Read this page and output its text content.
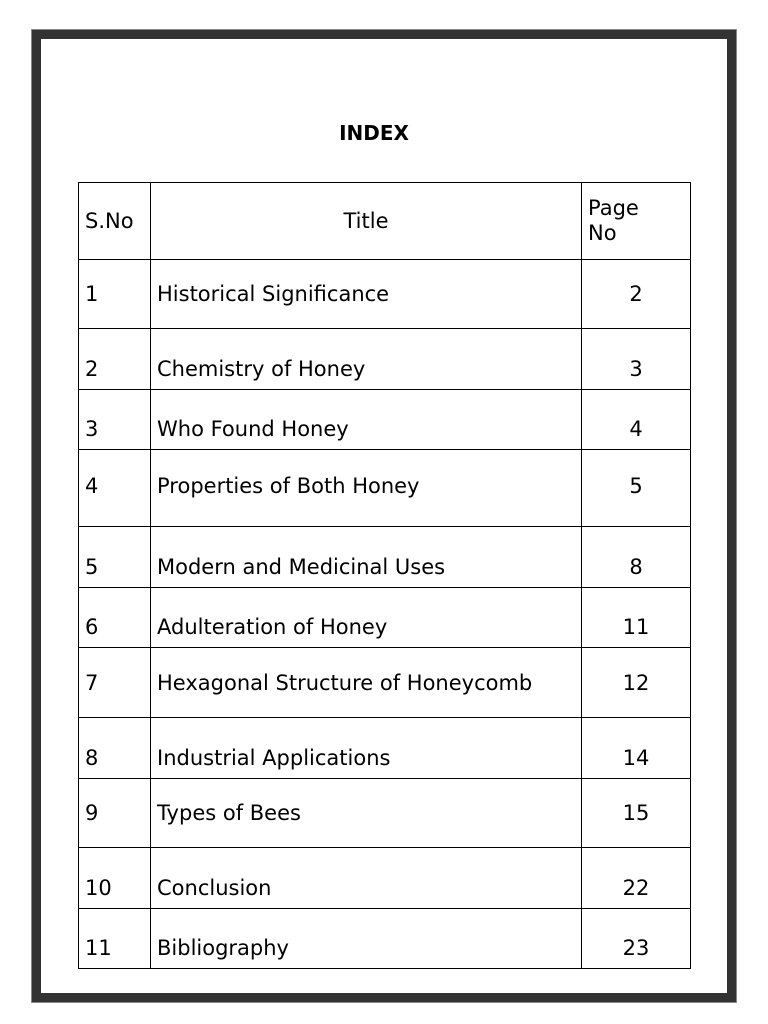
INDEX
S.No	Title	Page
No
1	Historical Significance	2
2	Chemistry of Honey	3
3	Who Found Honey	4
4	Properties of Both Honey	5
5	Modern and Medicinal Uses	8
6	Adulteration of Honey	11
7	Hexagonal Structure of Honeycomb	12
8	Industrial Applications	14
9	Types of Bees	15
10	Conclusion	22
11	Bibliography	23
